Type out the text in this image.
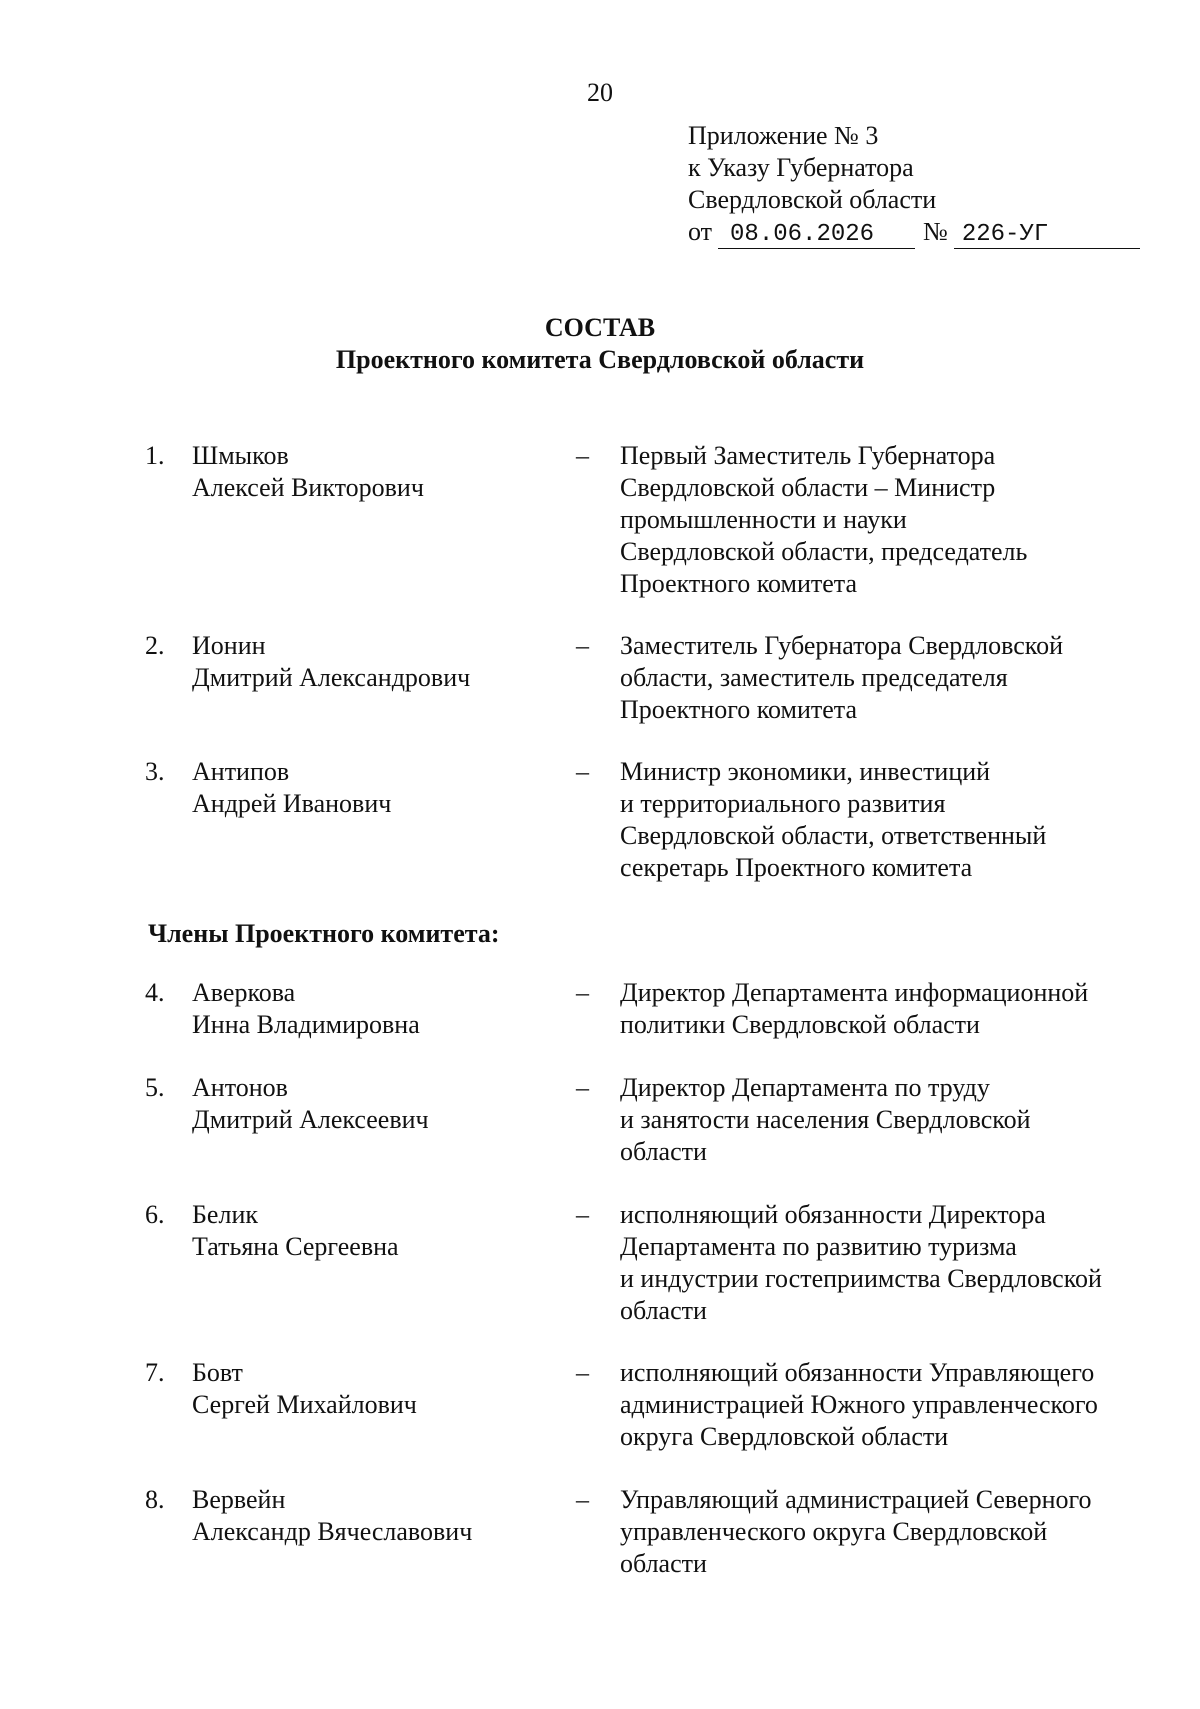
20
Приложение № 3
к Указу Губернатора
Свердловской области
от 08.06.2026	№ 226-УГ
СОСТАВ
Проектного комитета Свердловской области
Члены Проектного комитета:
1. Шмыков
Алексей Викторович
– Первый Заместитель Губернатора
Свердловской области – Министр
промышленности и науки
Свердловской области, председатель
Проектного комитета
2. Ионин
Дмитрий Александрович
– Заместитель Губернатора Свердловской
области, заместитель председателя
Проектного комитета
3. Антипов
Андрей Иванович
– Министр экономики, инвестиций
и территориального развития
Свердловской области, ответственный
секретарь Проектного комитета
4. Аверкова
Инна Владимировна
– Директор Департамента информационной
политики Свердловской области
5. Антонов
Дмитрий Алексеевич
– Директор Департамента по труду
и занятости населения Свердловской
области
6. Белик
Татьяна Сергеевна
– исполняющий обязанности Директора
Департамента по развитию туризма
и индустрии гостеприимства Свердловской
области
7. Бовт
Сергей Михайлович
– исполняющий обязанности Управляющего
администрацией Южного управленческого
округа Свердловской области
8. Вервейн
Александр Вячеславович
– Управляющий администрацией Северного
управленческого округа Свердловской
области
